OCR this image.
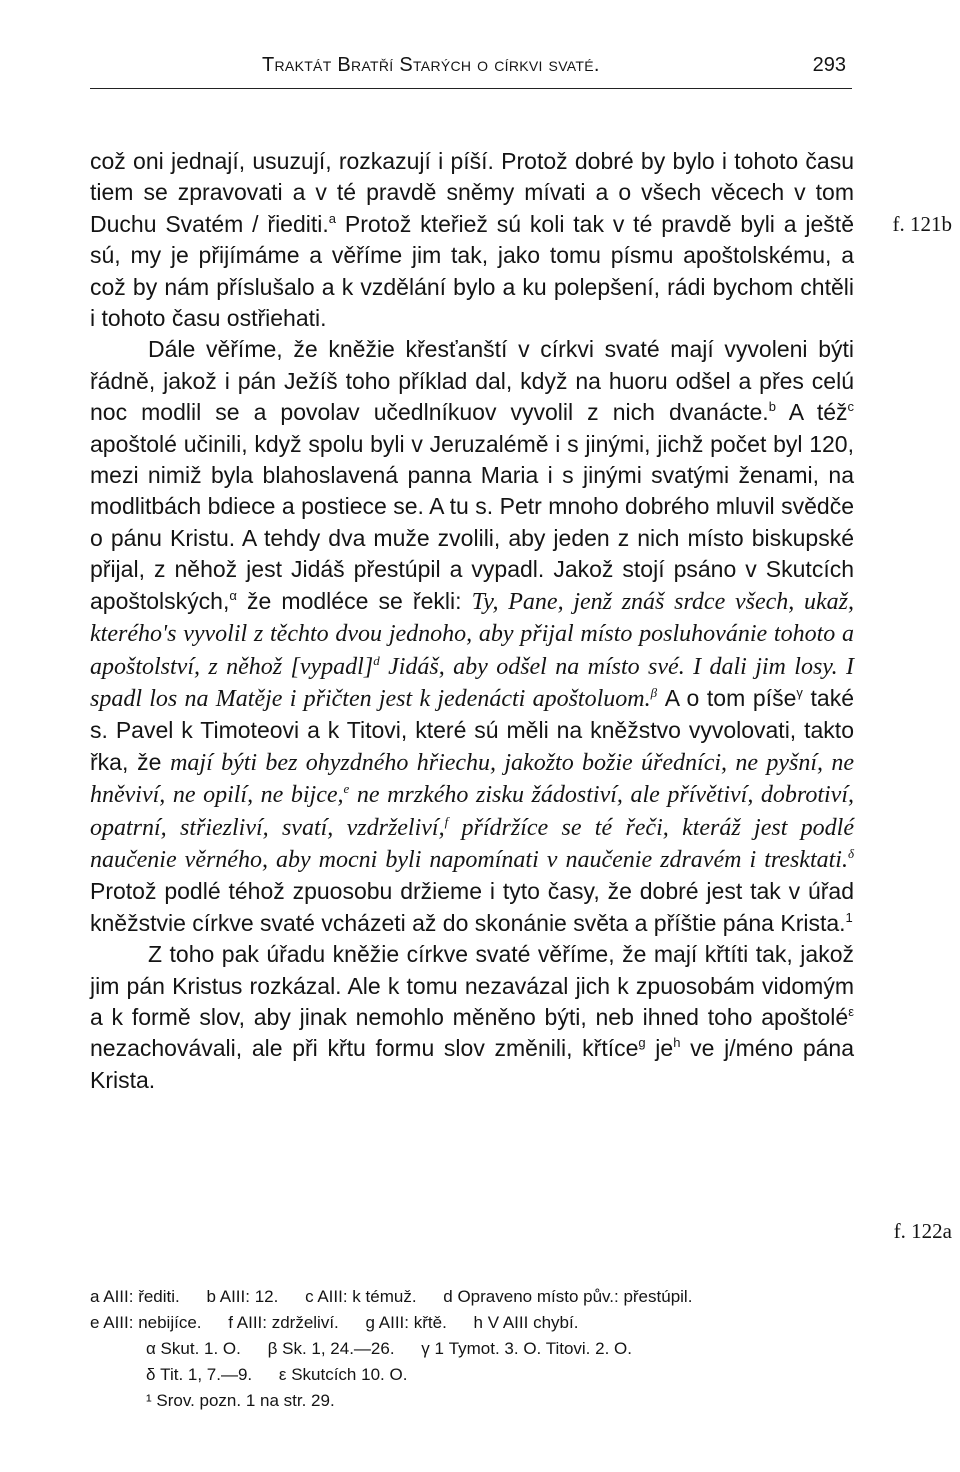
Traktát Bratří Starých o církvi svaté.	293
f. 121b
f. 122a

což oni jednají, usuzují, rozkazují i píší. Protož dobré by bylo i tohoto času tiem se zpravovati a v té pravdě sněmy mívati a o všech věcech v tom Duchu Svatém / řiediti.$^a$ Protož kteřiež sú koli tak v té pravdě byli a ještě sú, my je přijímáme a věříme jim tak, jako tomu písmu apoštolskému, a což by nám příslušalo a k vzdělání bylo a ku polepšení, rádi bychom chtěli i tohoto času ostřiehati.

Dále věříme, že kněžie křesťanští v církvi svaté mají vyvoleni býti řádně, jakož i pán Ježíš toho příklad dal, když na huoru odšel a přes celú noc modlil se a povolav učedlníkuov vyvolil z nich dvanácte.$^b$ A též$^c$ apoštolé učinili, když spolu byli v Jeruzalémě i s jinými, jichž počet byl 120, mezi nimiž byla blahoslavená panna Maria i s jinými svatými ženami, na modlitbách bdiece a postiece se. A tu s. Petr mnoho dobrého mluvil svědče o pánu Kristu. A tehdy dva muže zvolili, aby jeden z nich místo biskupské přijal, z něhož jest Jidáš přestúpil a vypadl. Jakož stojí psáno v Skutcích apoštolských,$^\alpha$ že modléce se řekli: Ty, Pane, jenž znáš srdce všech, ukaž, kterého's vyvolil z těchto dvou jednoho, aby přijal místo posluhovánie tohoto a apoštolství, z něhož [vypadl]$^d$ Jidáš, aby odšel na místo své. I dali jim losy. I spadl los na Matěje i přičten jest k jedenácti apoštoluom.$^\beta$ A o tom píše$^\gamma$ také s. Pavel k Timoteovi a k Titovi, které sú měli na kněžstvo vyvolovati, takto řka, že mají býti bez ohyzdného hřiechu, jakožto božie úředníci, ne pyšní, ne hněviví, ne opilí, ne bijce,$^e$ ne mrzkého zisku žádostiví, ale přívětiví, dobrotiví, opatrní, střiezliví, svatí, vzdrželiví,$^f$ přídržíce se té řeči, kteráž jest podlé naučenie věrného, aby mocni byli napomínati v naučenie zdravém i tresktati.$^\delta$ Protož podlé téhož zpuosobu držieme i tyto časy, že dobré jest tak v úřad kněžstvie církve svaté vcházeti až do skonánie světa a příštie pána Krista.$^1$

Z toho pak úřadu kněžie církve svaté věříme, že mají křtíti tak, jakož jim pán Kristus rozkázal. Ale k tomu nezavázal jich k zpuosobám vidomým a k formě slov, aby jinak nemohlo měněno býti, neb ihned toho apoštolé$^\varepsilon$ nezachovávali, ale při křtu formu slov změnili, křtíce$^g$ $je^h$ ve j/méno pána Krista.

a AIII: řediti. b AIII: 12. c AIII: k témuž. d Opraveno místo pův.: přestúpil.
e AIII: nebijíce. f AIII: zdrželiví. g AIII: křtě. h V AIII chybí.
α Skut. 1. O. β Sk. 1, 24.—26. γ 1 Tymot. 3. O. Titovi. 2. O.
δ Tit. 1, 7.—9. ε Skutcích 10. O.
¹ Srov. pozn. 1 na str. 29.
